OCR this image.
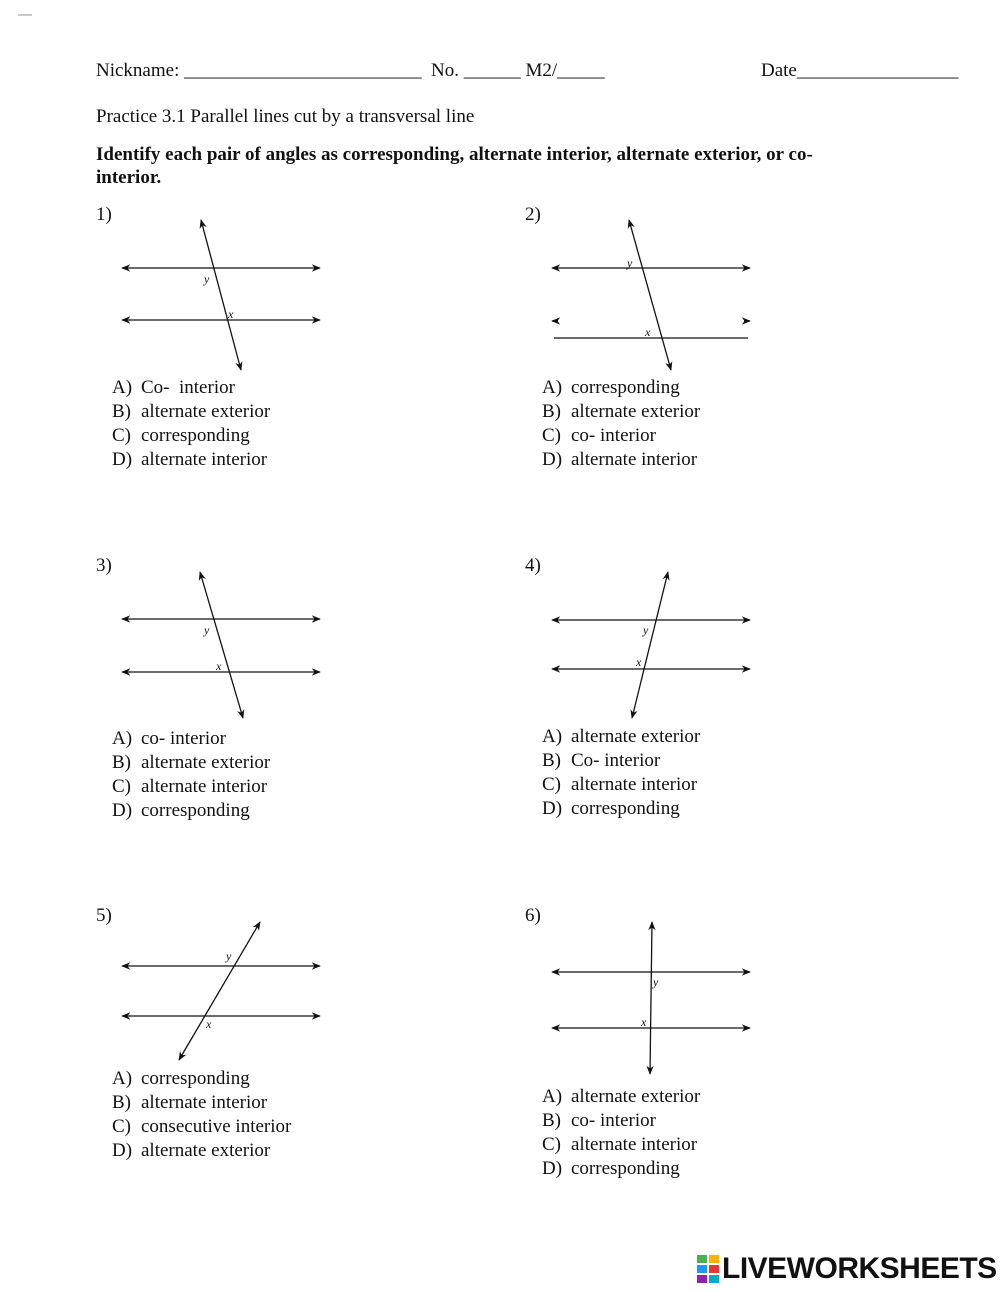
Nickname: _________________________ No. ______ M2/_____	Date_________________
Practice 3.1 Parallel lines cut by a transversal line
Identify each pair of angles as corresponding, alternate interior, alternate exterior, or co- interior.
1)
y
x
A) Co-  interior
B) alternate exterior
C) corresponding
D) alternate interior
2)
y
x
A) corresponding
B) alternate exterior
C) co- interior
D) alternate interior
3)
y
x
A) co- interior
B) alternate exterior
C) alternate interior
D) corresponding
4)
y
x
A) alternate exterior
B) Co- interior
C) alternate interior
D) corresponding
5)
y
x
A) corresponding
B) alternate interior
C) consecutive interior
D) alternate exterior
6)
y
x
A) alternate exterior
B) co- interior
C) alternate interior
D) corresponding
LIVEWORKSHEETS
